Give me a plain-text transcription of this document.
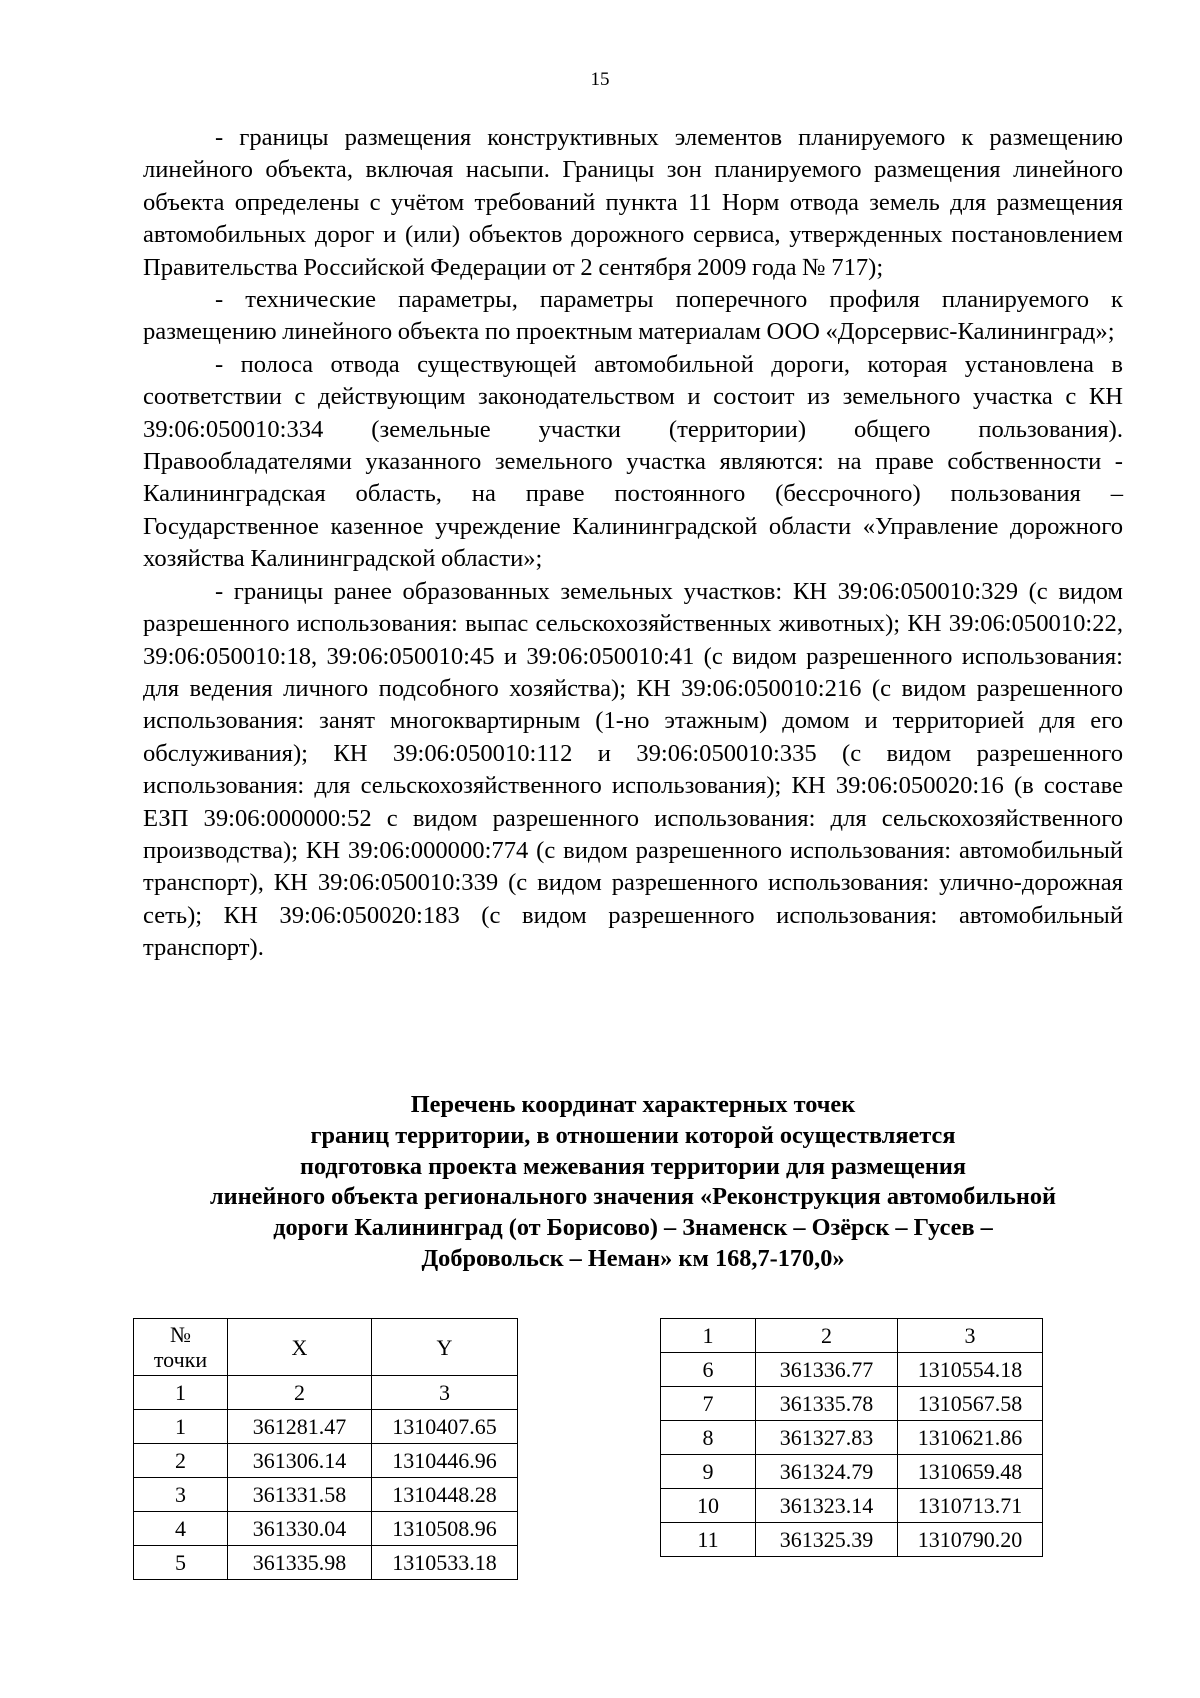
15

- границы размещения конструктивных элементов планируемого к размещению линейного объекта, включая насыпи. Границы зон планируемого размещения линейного объекта определены с учётом требований пункта 11 Норм отвода земель для размещения автомобильных дорог и (или) объектов дорожного сервиса, утвержденных постановлением Правительства Российской Федерации от 2 сентября 2009 года № 717);

- технические параметры, параметры поперечного профиля планируемого к размещению линейного объекта по проектным материалам ООО «Дорсервис-Калининград»;

- полоса отвода существующей автомобильной дороги, которая установлена в соответствии с действующим законодательством и состоит из земельного участка с КН 39:06:050010:334 (земельные участки (территории) общего пользования). Правообладателями указанного земельного участка являются: на праве собственности - Калининградская область, на праве постоянного (бессрочного) пользования – Государственное казенное учреждение Калининградской области «Управление дорожного хозяйства Калининградской области»;

- границы ранее образованных земельных участков: КН 39:06:050010:329 (с видом разрешенного использования: выпас сельскохозяйственных животных); КН 39:06:050010:22, 39:06:050010:18, 39:06:050010:45 и 39:06:050010:41 (с видом разрешенного использования: для ведения личного подсобного хозяйства); КН 39:06:050010:216 (с видом разрешенного использования: занят многоквартирным (1-но этажным) домом и территорией для его обслуживания); КН 39:06:050010:112 и 39:06:050010:335 (с видом разрешенного использования: для сельскохозяйственного использования); КН 39:06:050020:16 (в составе ЕЗП 39:06:000000:52 с видом разрешенного использования: для сельскохозяйственного производства); КН 39:06:000000:774 (с видом разрешенного использования: автомобильный транспорт), КН 39:06:050010:339 (с видом разрешенного использования: улично-дорожная сеть); КН 39:06:050020:183 (с видом разрешенного использования: автомобильный транспорт).

Перечень координат характерных точек
границ территории, в отношении которой осуществляется
подготовка проекта межевания территории для размещения
линейного объекта регионального значения «Реконструкция автомобильной
дороги Калининград (от Борисово) – Знаменск – Озёрск – Гусев –
Добровольск – Неман» км 168,7-170,0»
№
точки	X	Y
1	2	3
1	361281.47	1310407.65
2	361306.14	1310446.96
3	361331.58	1310448.28
4	361330.04	1310508.96
5	361335.98	1310533.18
1	2	3
6	361336.77	1310554.18
7	361335.78	1310567.58
8	361327.83	1310621.86
9	361324.79	1310659.48
10	361323.14	1310713.71
11	361325.39	1310790.20
